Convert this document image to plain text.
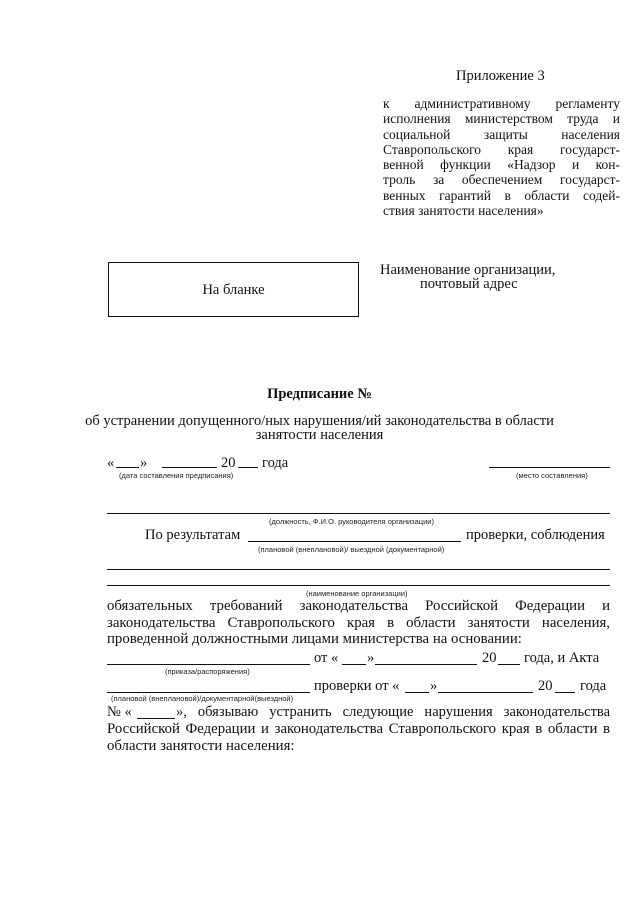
Приложение 3
к административному регламенту
исполнения министерством труда и
социальной защиты населения
Ставропольского края государст-
венной функции «Надзор и кон-
троль за обеспечением государст-
венных гарантий в области содей-
ствия занятости населения»
На бланке
Наименование организации,
почтовый адрес
Предписание №
об устранении допущенного/ных нарушения/ий законодательства в области
занятости населения
« »	20 года
(дата составления предписания)	(место составления)
(должность, Ф.И.О. руководителя организации)
По результатам	проверки, соблюдения
(плановой (внеплановой)/ выездной (документарной)
(наименование организации)
обязательных требований законодательства Российской Федерации и
законодательства Ставропольского края в области занятости населения,
проведенной должностными лицами министерства на основании:
от « »	20 года, и Акта
(приказа/распоряжения)
проверки от « »	20 года
(плановой (внеплановой)/документарной(выездной)
№ «	», обязываю устранить следующие нарушения законодательства
Российской Федерации и законодательства Ставропольского края в области в
области занятости населения:
